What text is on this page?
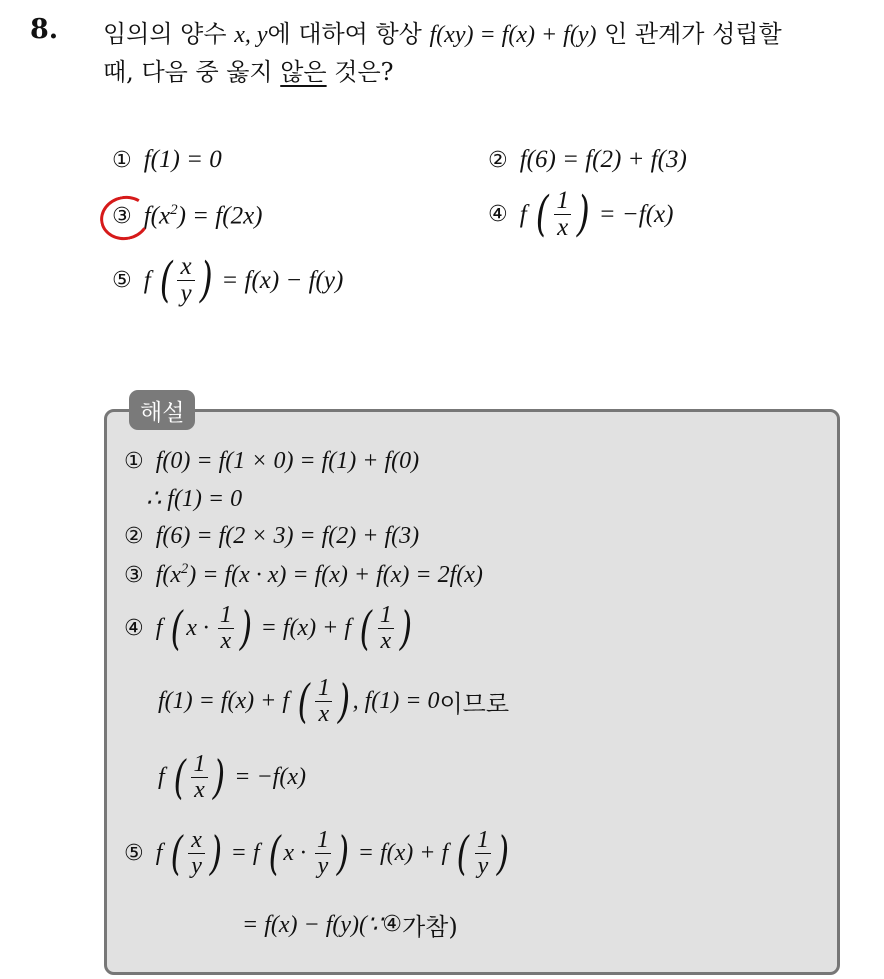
8. 임의의 양수 x, y에 대하여 항상 f(xy) = f(x) + f(y) 인 관계가 성립할
때, 다음 중 옳지 않은 것은?
① f(1) = 0	② f(6) = f(2) + f(3)
③ $f(x^2) = f(2x)$	④ f
( $\frac{1}{x}$ )
= −f(x)
⑤ f
( $\frac{x}{y}$ )
= f(x) − f(y)
해설
① f(0) = f(1 × 0) = f(1) + f(0)
∴ f(1) = 0
② f(6) = f(2 × 3) = f(2) + f(3)
③ $f(x^2) = f(x \cdot x) = f(x) + f(x) = 2f(x)$
④ f
( x ·
$\frac{1}{x}$ )
= f(x) + f
( $\frac{1}{x}$ )
f(1) = f(x) + f
( $\frac{1}{x}$ ) , f(1) = 0 이므로
f
( $\frac{1}{x}$ )
= −f(x)
⑤ f
( $\frac{x}{y}$ )
= f
( x ·
$\frac{1}{y}$ )
= f(x) + f
( $\frac{1}{y}$ )
= f(x) − f(y)(∵ ④ 가참)
